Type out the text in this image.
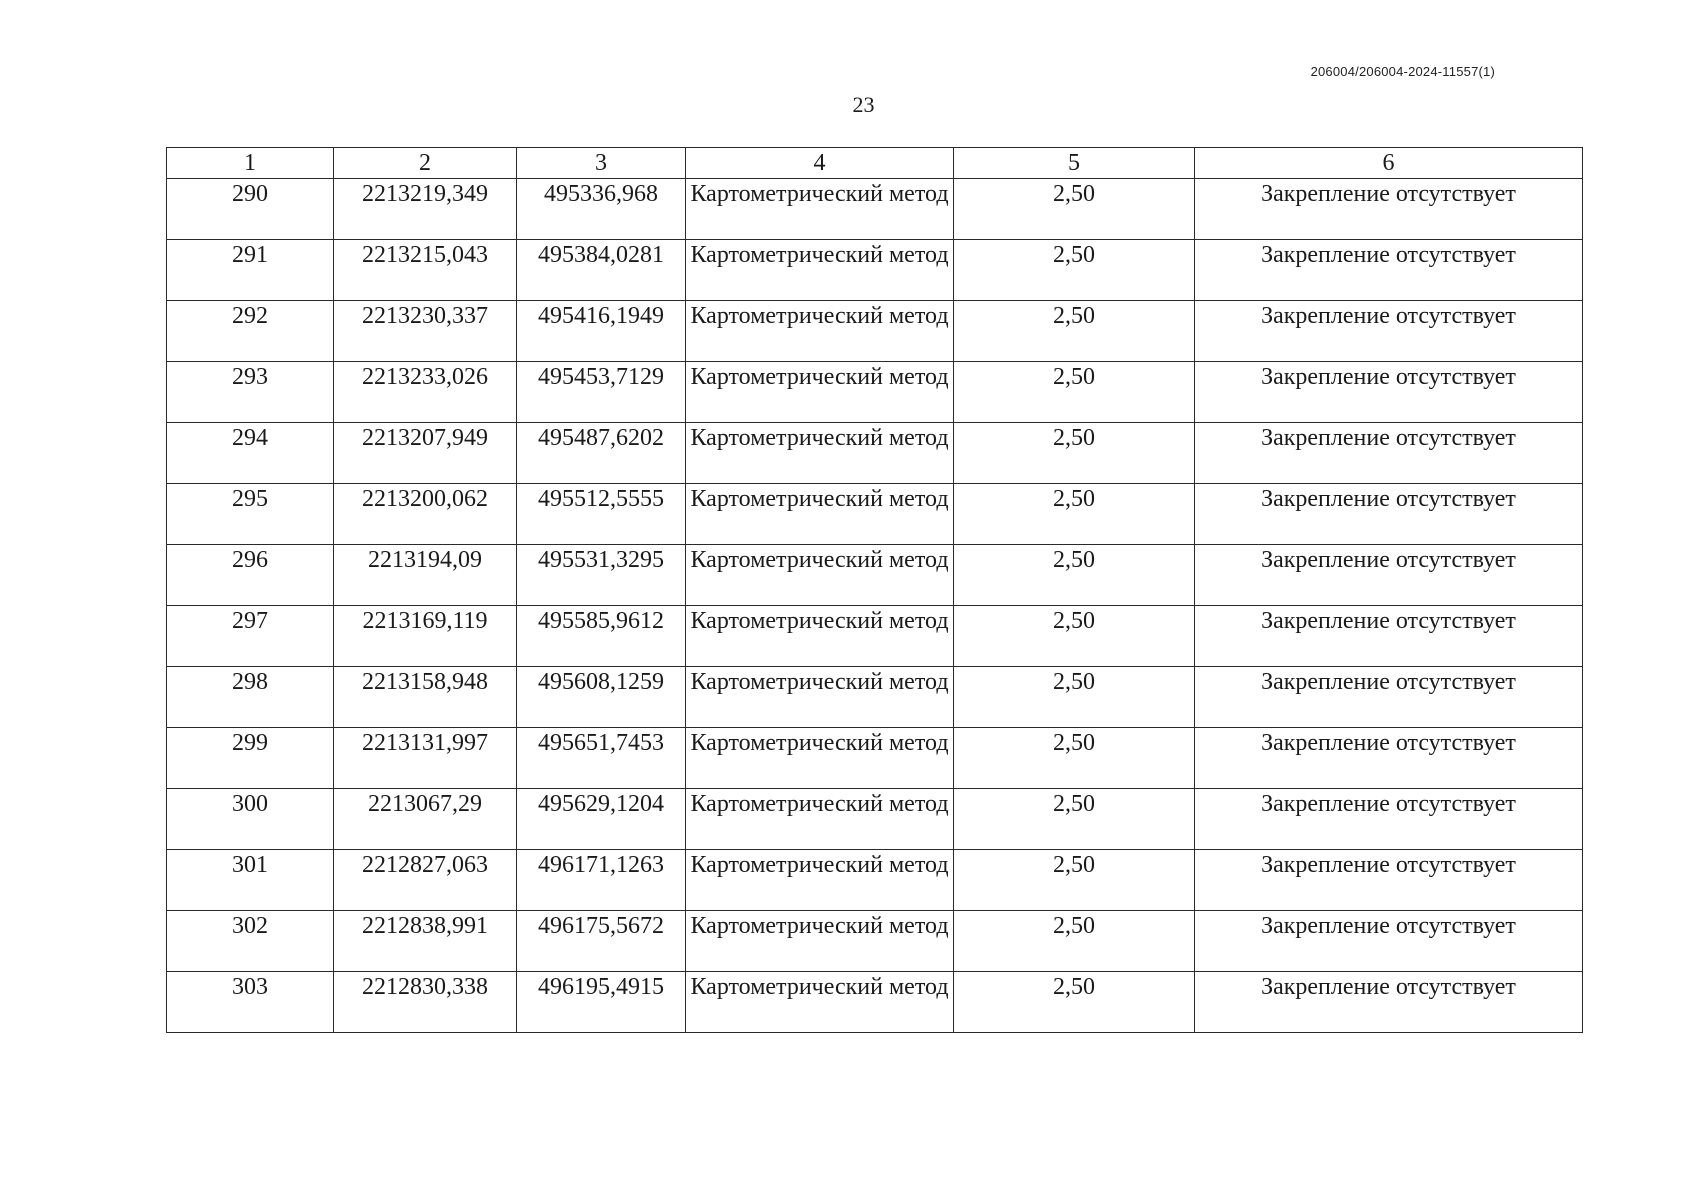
206004/206004-2024-11557(1)
23
1	2	3	4	5	6
290	2213219,349	495336,968	Картометрический метод	2,50	Закрепление отсутствует
291	2213215,043	495384,0281	Картометрический метод	2,50	Закрепление отсутствует
292	2213230,337	495416,1949	Картометрический метод	2,50	Закрепление отсутствует
293	2213233,026	495453,7129	Картометрический метод	2,50	Закрепление отсутствует
294	2213207,949	495487,6202	Картометрический метод	2,50	Закрепление отсутствует
295	2213200,062	495512,5555	Картометрический метод	2,50	Закрепление отсутствует
296	2213194,09	495531,3295	Картометрический метод	2,50	Закрепление отсутствует
297	2213169,119	495585,9612	Картометрический метод	2,50	Закрепление отсутствует
298	2213158,948	495608,1259	Картометрический метод	2,50	Закрепление отсутствует
299	2213131,997	495651,7453	Картометрический метод	2,50	Закрепление отсутствует
300	2213067,29	495629,1204	Картометрический метод	2,50	Закрепление отсутствует
301	2212827,063	496171,1263	Картометрический метод	2,50	Закрепление отсутствует
302	2212838,991	496175,5672	Картометрический метод	2,50	Закрепление отсутствует
303	2212830,338	496195,4915	Картометрический метод	2,50	Закрепление отсутствует
